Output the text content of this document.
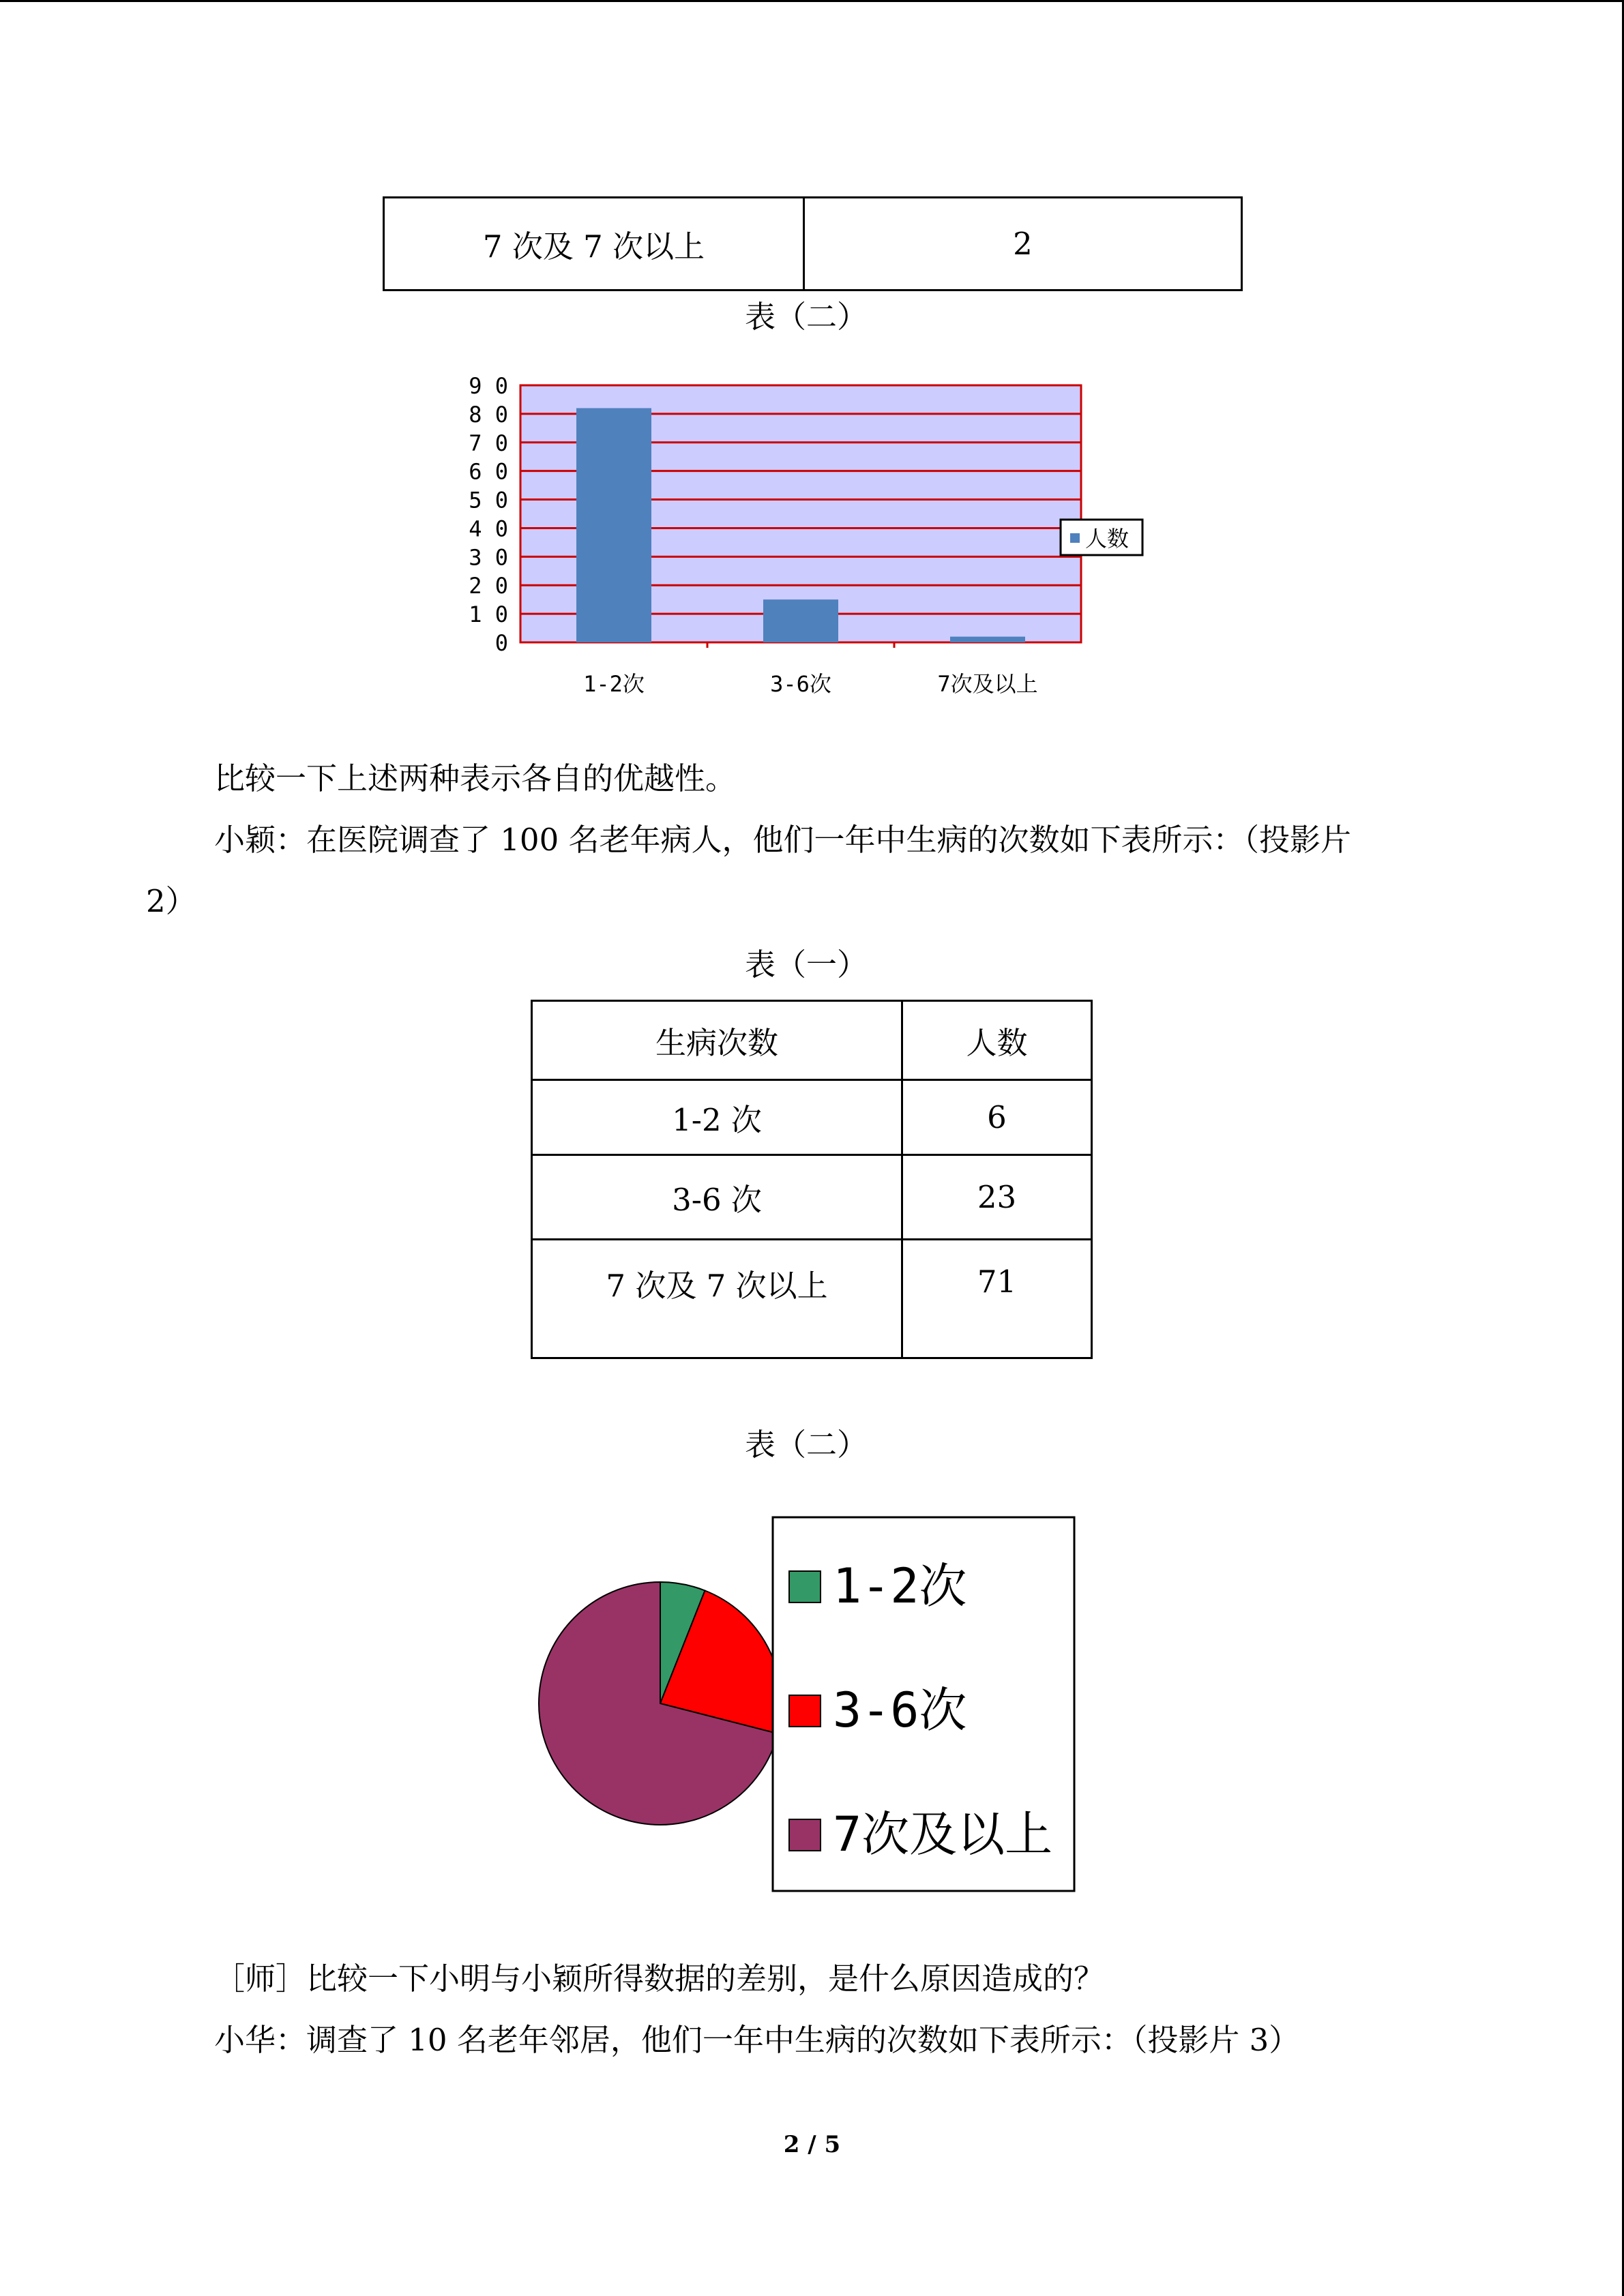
7 次及 7 次以上	2
表（二）
0
1 0
2 0
3 0
4 0
5 0
6 0
7 0
8 0
9 0
1-2次	3-6次	7次及以上
人数
比较一下上述两种表示各自的优越性。
小颖：在医院调查了 100 名老年病人，他们一年中生病的次数如下表所示：（投影片
2）
表（一）
生病次数	人数
1-2 次	6
3-6 次	23
7 次及 7 次以上	71
表（二）
1-2次
3-6次
7次及以上
［师］比较一下小明与小颖所得数据的差别，是什么原因造成的？
小华：调查了 10 名老年邻居，他们一年中生病的次数如下表所示：（投影片 3）
2 / 5
